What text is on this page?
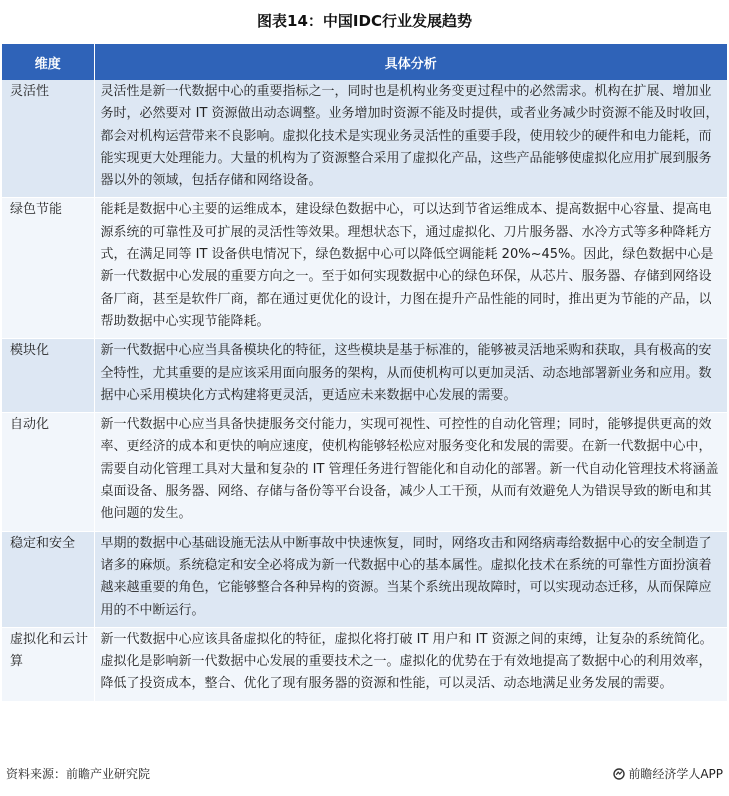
图表14：中国IDC行业发展趋势
维度	具体分析
灵活性	灵活性是新一代数据中心的重要指标之一，同时也是机构业务变更过程中的必然需求。机构在扩展、增加业务时，必然要对 IT 资源做出动态调整。业务增加时资源不能及时提供，或者业务减少时资源不能及时收回，都会对机构运营带来不良影响。虚拟化技术是实现业务灵活性的重要手段，使用较少的硬件和电力能耗，而能实现更大处理能力。大量的机构为了资源整合采用了虚拟化产品，这些产品能够使虚拟化应用扩展到服务器以外的领域，包括存储和网络设备。
绿色节能	能耗是数据中心主要的运维成本，建设绿色数据中心，可以达到节省运维成本、提高数据中心容量、提高电源系统的可靠性及可扩展的灵活性等效果。理想状态下，通过虚拟化、刀片服务器、水冷方式等多种降耗方式，在满足同等 IT 设备供电情况下，绿色数据中心可以降低空调能耗 20%~45%。因此，绿色数据中心是新一代数据中心发展的重要方向之一。至于如何实现数据中心的绿色环保，从芯片、服务器、存储到网络设备厂商，甚至是软件厂商，都在通过更优化的设计，力图在提升产品性能的同时，推出更为节能的产品，以帮助数据中心实现节能降耗。
模块化	新一代数据中心应当具备模块化的特征，这些模块是基于标准的，能够被灵活地采购和获取，具有极高的安全特性，尤其重要的是应该采用面向服务的架构，从而使机构可以更加灵活、动态地部署新业务和应用。数据中心采用模块化方式构建将更灵活，更适应未来数据中心发展的需要。
自动化	新一代数据中心应当具备快捷服务交付能力，实现可视性、可控性的自动化管理；同时，能够提供更高的效率、更经济的成本和更快的响应速度，使机构能够轻松应对服务变化和发展的需要。在新一代数据中心中，需要自动化管理工具对大量和复杂的 IT 管理任务进行智能化和自动化的部署。新一代自动化管理技术将涵盖桌面设备、服务器、网络、存储与备份等平台设备，减少人工干预，从而有效避免人为错误导致的断电和其他问题的发生。
稳定和安全	早期的数据中心基础设施无法从中断事故中快速恢复，同时，网络攻击和网络病毒给数据中心的安全制造了诸多的麻烦。系统稳定和安全必将成为新一代数据中心的基本属性。虚拟化技术在系统的可靠性方面扮演着越来越重要的角色，它能够整合各种异构的资源。当某个系统出现故障时，可以实现动态迁移，从而保障应用的不中断运行。
虚拟化和云计算	新一代数据中心应该具备虚拟化的特征，虚拟化将打破 IT 用户和 IT 资源之间的束缚，让复杂的系统简化。虚拟化是影响新一代数据中心发展的重要技术之一。虚拟化的优势在于有效地提高了数据中心的利用效率，降低了投资成本，整合、优化了现有服务器的资源和性能，可以灵活、动态地满足业务发展的需要。
资料来源：前瞻产业研究院	前瞻经济学人APP
